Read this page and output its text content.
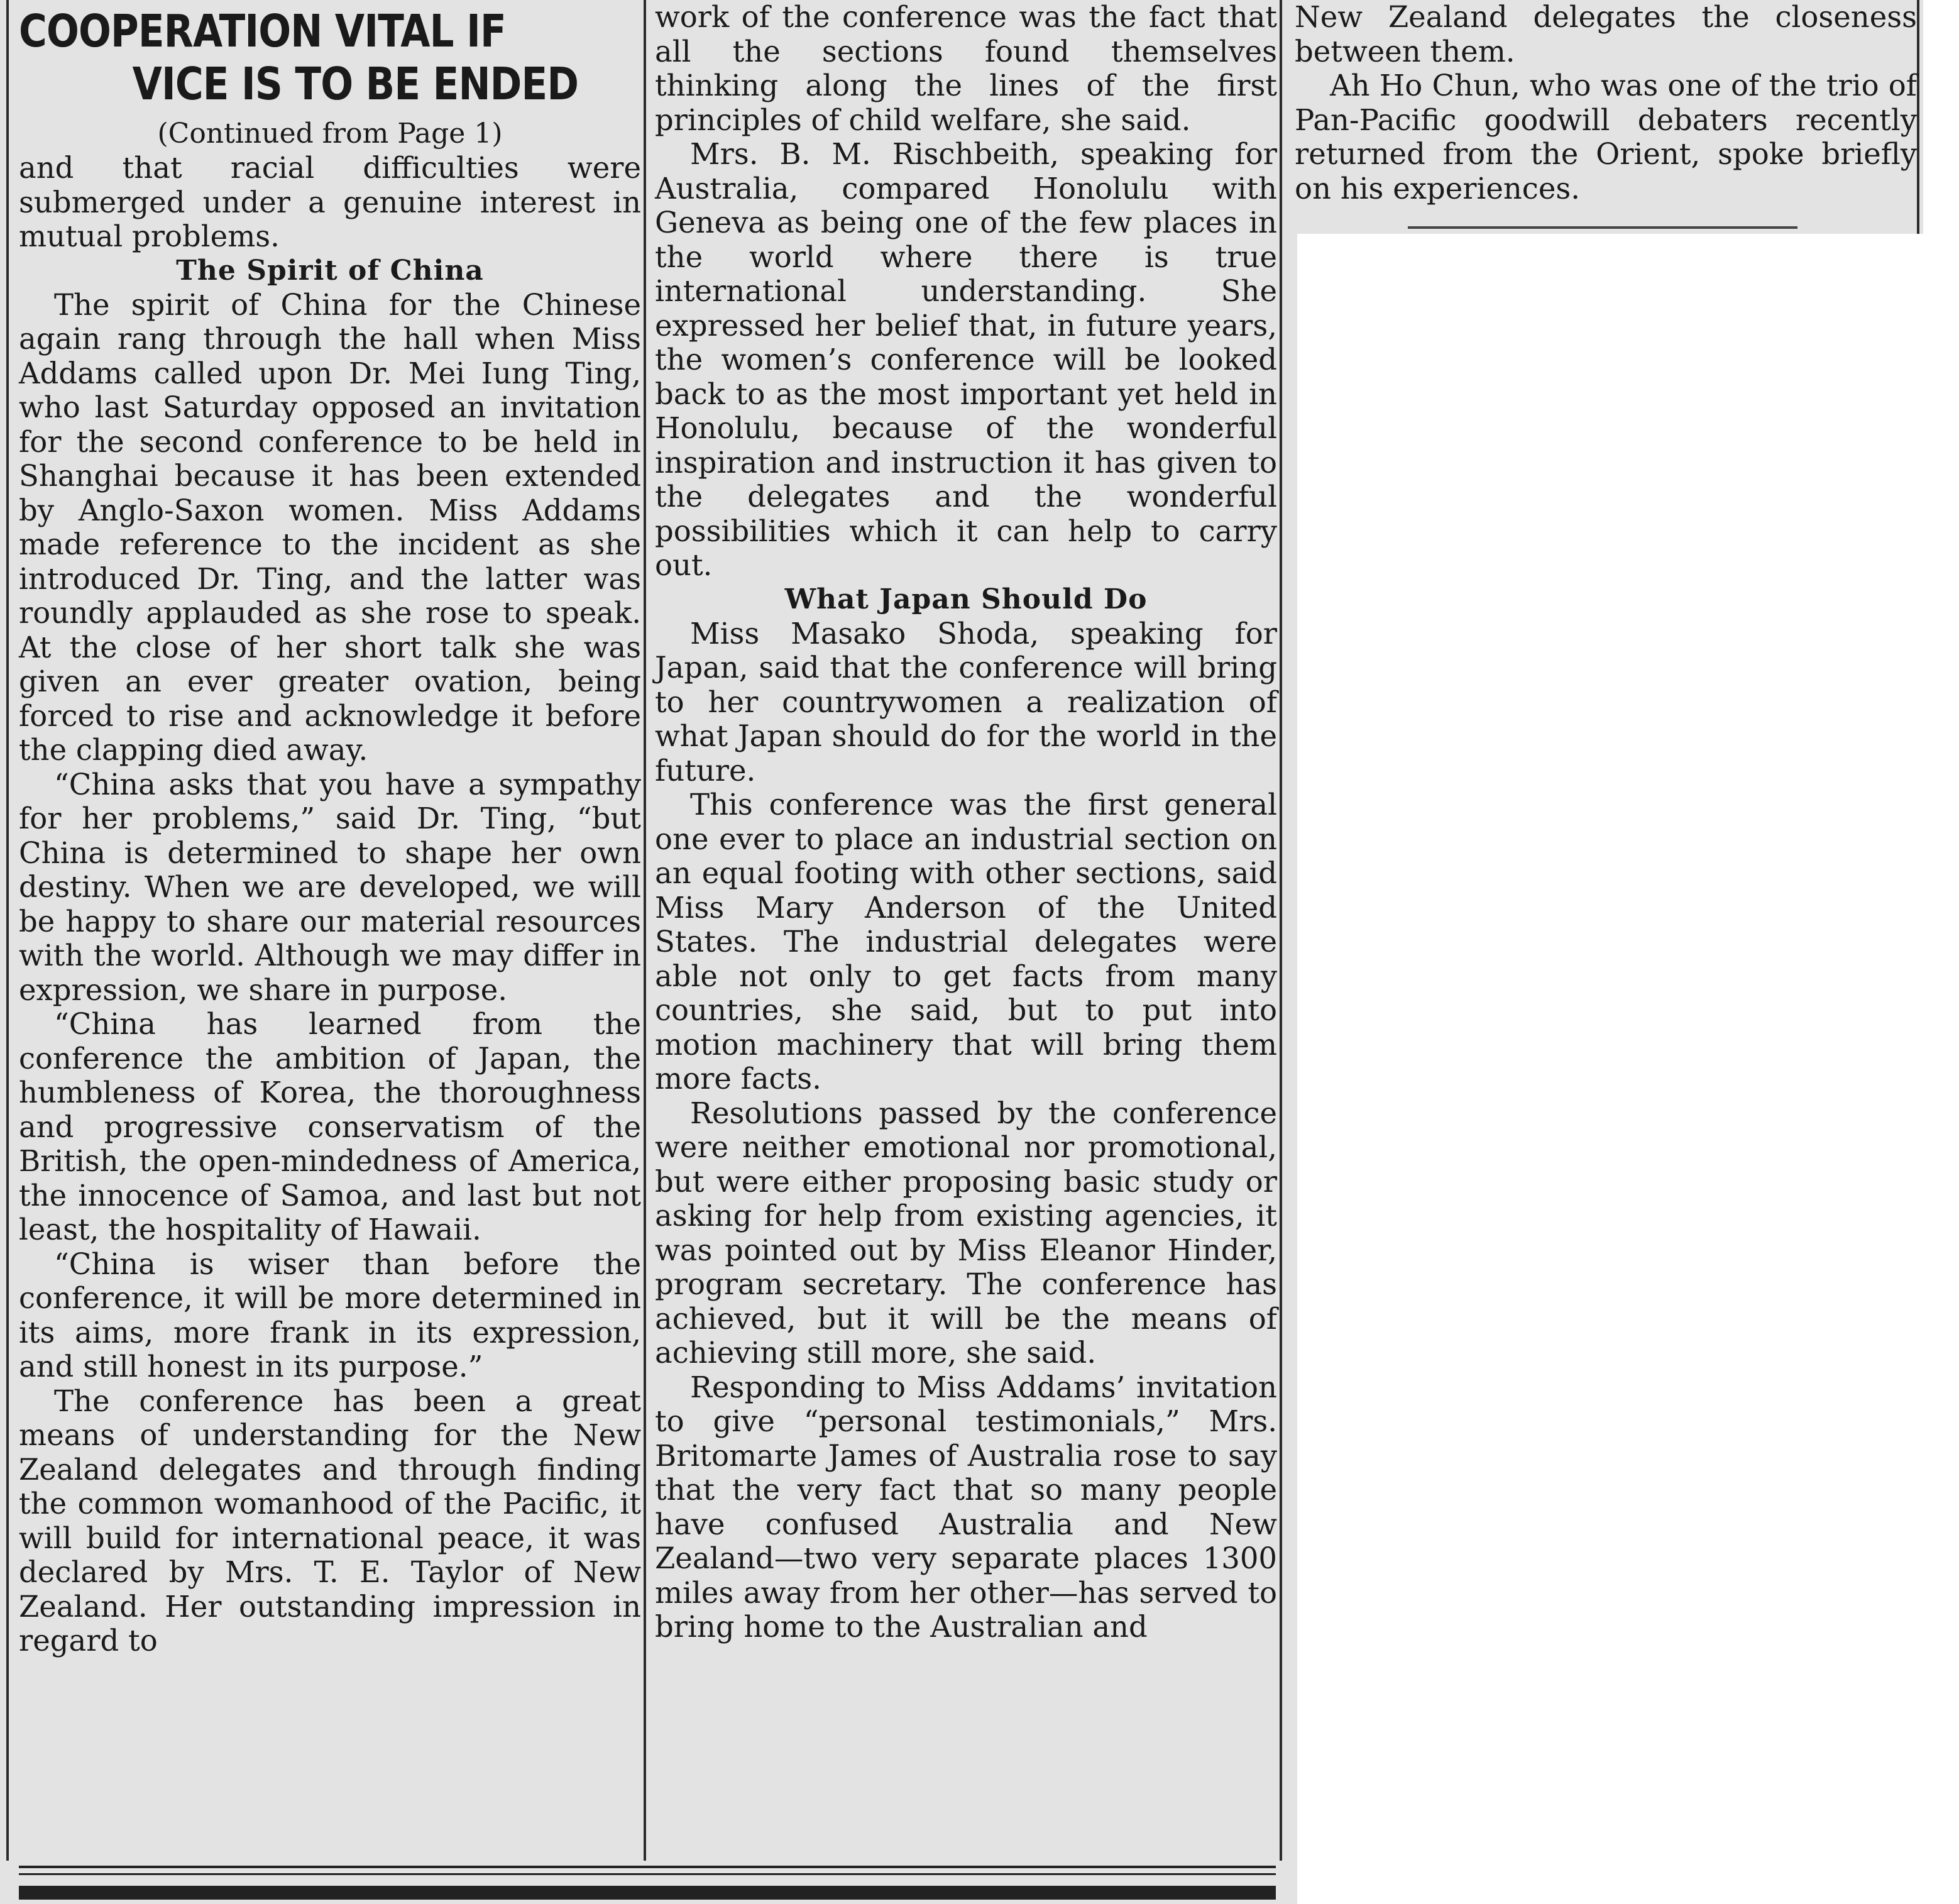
COOPERATION VITAL IF
VICE IS TO BE ENDED
(Continued from Page 1)

and that racial difficulties were submerged under a genuine interest in mutual problems.

The Spirit of China

The spirit of China for the Chinese again rang through the hall when Miss Addams called upon Dr. Mei Iung Ting, who last Saturday opposed an invitation for the second conference to be held in Shanghai because it has been extended by Anglo-Saxon women. Miss Addams made reference to the incident as she introduced Dr. Ting, and the latter was roundly applauded as she rose to speak. At the close of her short talk she was given an ever greater ovation, being forced to rise and acknowledge it before the clapping died away.

“China asks that you have a sympathy for her problems,” said Dr. Ting, “but China is determined to shape her own destiny. When we are developed, we will be happy to share our material resources with the world. Although we may differ in expression, we share in purpose.

“China has learned from the conference the ambition of Japan, the humbleness of Korea, the thoroughness and progressive conservatism of the British, the open-mindedness of America, the innocence of Samoa, and last but not least, the hospitality of Hawaii.

“China is wiser than before the conference, it will be more determined in its aims, more frank in its expression, and still honest in its purpose.”

The conference has been a great means of understanding for the New Zealand delegates and through finding the common womanhood of the Pacific, it will build for international peace, it was declared by Mrs. T. E. Taylor of New Zealand. Her outstanding impression in regard to

work of the conference was the fact that all the sections found themselves thinking along the lines of the first principles of child welfare, she said.

Mrs. B. M. Rischbeith, speaking for Australia, compared Honolulu with Geneva as being one of the few places in the world where there is true international understanding. She expressed her belief that, in future years, the women’s conference will be looked back to as the most important yet held in Honolulu, because of the wonderful inspiration and instruction it has given to the delegates and the wonderful possibilities which it can help to carry out.

What Japan Should Do

Miss Masako Shoda, speaking for Japan, said that the conference will bring to her countrywomen a realization of what Japan should do for the world in the future.

This conference was the first general one ever to place an industrial section on an equal footing with other sections, said Miss Mary Anderson of the United States. The industrial delegates were able not only to get facts from many countries, she said, but to put into motion machinery that will bring them more facts.

Resolutions passed by the conference were neither emotional nor promotional, but were either proposing basic study or asking for help from existing agencies, it was pointed out by Miss Eleanor Hinder, program secretary. The conference has achieved, but it will be the means of achieving still more, she said.

Responding to Miss Addams’ invitation to give “personal testimonials,” Mrs. Britomarte James of Australia rose to say that the very fact that so many people have confused Australia and New Zealand—two very separate places 1300 miles away from her other—has served to bring home to the Australian and

New Zealand delegates the closeness between them.

Ah Ho Chun, who was one of the trio of Pan-Pacific goodwill debaters recently returned from the Orient, spoke briefly on his experiences.
